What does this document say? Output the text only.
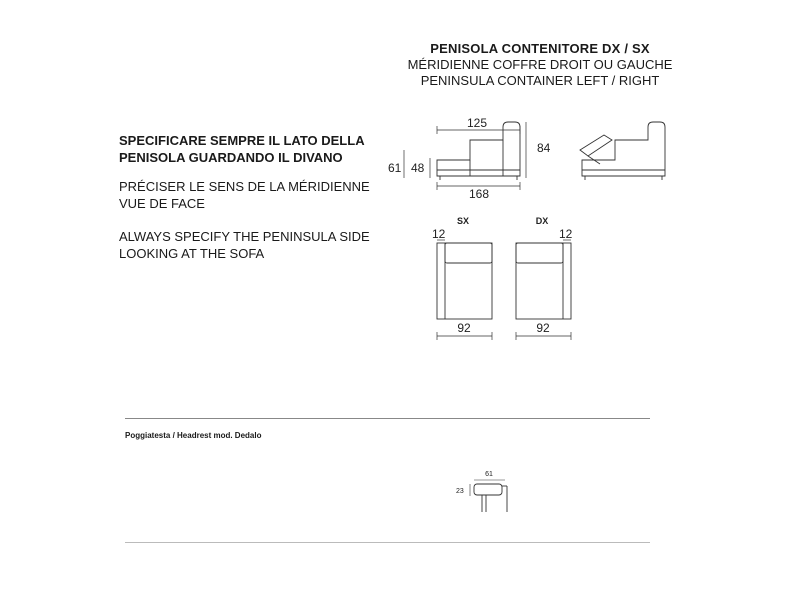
PENISOLA CONTENITORE DX / SX
MÉRIDIENNE COFFRE DROIT OU GAUCHE
PENINSULA CONTAINER LEFT / RIGHT
SPECIFICARE SEMPRE IL LATO DELLA PENISOLA GUARDANDO IL DIVANO
PRÉCISER LE SENS DE LA MÉRIDIENNE VUE DE FACE
ALWAYS SPECIFY THE PENINSULA SIDE LOOKING AT THE SOFA
125
168
84
61 48
SX
12
92
DX
12
92
61
23
Poggiatesta / Headrest mod. Dedalo
